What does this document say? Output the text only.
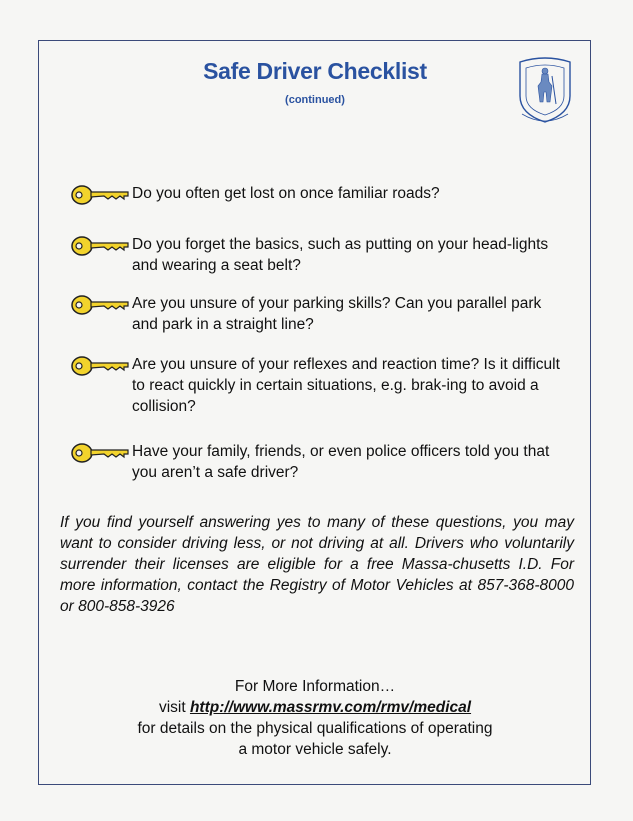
Safe Driver Checklist
(continued)
Do you often get lost on once familiar roads?
Do you forget the basics, such as putting on your head-lights and wearing a seat belt?
Are you unsure of your parking skills? Can you parallel park and park in a straight line?
Are you unsure of your reflexes and reaction time? Is it difficult to react quickly in certain situations, e.g. brak-ing to avoid a collision?
Have your family, friends, or even police officers told you that you aren’t a safe driver?
If you find yourself answering yes to many of these questions, you may want to consider driving less, or not driving at all. Drivers who voluntarily surrender their licenses are eligible for a free Massa-chusetts I.D. For more information, contact the Registry of Motor Vehicles at 857-368-8000 or 800-858-3926
For More Information…
visit http://www.massrmv.com/rmv/medical
for details on the physical qualifications of operating
a motor vehicle safely.
